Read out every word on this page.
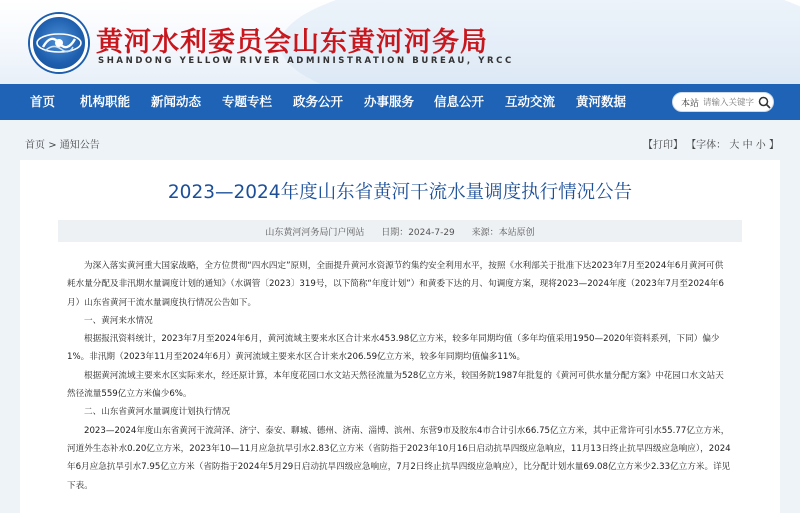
黄河水利委员会山东黄河河务局
SHANDONG YELLOW RIVER ADMINISTRATION BUREAU, YRCC
首页 机构职能 新闻动态 专题专栏 政务公开 办事服务 信息公开 互动交流 黄河数据	本站
请输入关键字
首页 > 通知公告	【打印】 【字体： 大 中 小 】
2023—2024年度山东省黄河干流水量调度执行情况公告
山东黄河河务局门户网站 日期：2024-7-29 来源：本站原创
为深入落实黄河重大国家战略，全方位贯彻“四水四定”原则，全面提升黄河水资源节约集约安全利用水平，按照《水利部关于批准下达2023年7月至2024年6月黄河可供
耗水量分配及非汛期水量调度计划的通知》（水调管〔2023〕319号，以下简称“年度计划”）和黄委下达的月、旬调度方案，现将2023—2024年度（2023年7月至2024年6
月）山东省黄河干流水量调度执行情况公告如下。
一、黄河来水情况
根据报汛资料统计，2023年7月至2024年6月，黄河流域主要来水区合计来水453.98亿立方米，较多年同期均值（多年均值采用1950—2020年资料系列，下同）偏少
1%。非汛期（2023年11月至2024年6月）黄河流域主要来水区合计来水206.59亿立方米，较多年同期均值偏多11%。
根据黄河流域主要来水区实际来水，经还原计算，本年度花园口水文站天然径流量为528亿立方米，较国务院1987年批复的《黄河可供水量分配方案》中花园口水文站天
然径流量559亿立方米偏少6%。
二、山东省黄河水量调度计划执行情况
2023—2024年度山东省黄河干流菏泽、济宁、泰安、聊城、德州、济南、淄博、滨州、东营9市及胶东4市合计引水66.75亿立方米，其中正常许可引水55.77亿立方米，
河道外生态补水0.20亿立方米，2023年10—11月应急抗旱引水2.83亿立方米（省防指于2023年10月16日启动抗旱四级应急响应，11月13日终止抗旱四级应急响应），2024
年6月应急抗旱引水7.95亿立方米（省防指于2024年5月29日启动抗旱四级应急响应，7月2日终止抗旱四级应急响应），比分配计划水量69.08亿立方米少2.33亿立方米。详见
下表。
